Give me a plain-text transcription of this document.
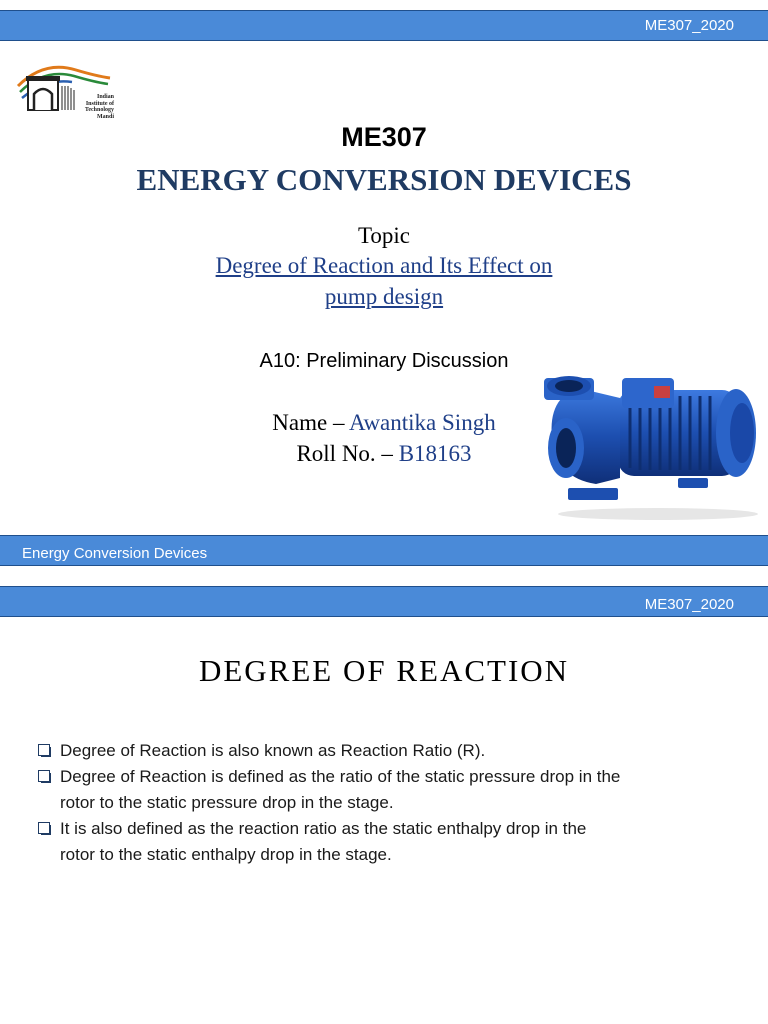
ME307_2020
Indian
Institute of
Technology
Mandi
ME307
ENERGY CONVERSION DEVICES
Topic
Degree of Reaction and Its Effect on
pump design
A10: Preliminary Discussion
Name – Awantika Singh
Roll No. – B18163
Energy Conversion Devices
ME307_2020
DEGREE OF REACTION
Degree of Reaction is also known as Reaction Ratio (R).
Degree of Reaction is defined as the ratio of the static pressure drop in the
rotor to the static pressure drop in the stage.
It is also defined as the reaction ratio as the static enthalpy drop in the
rotor to the static enthalpy drop in the stage.
